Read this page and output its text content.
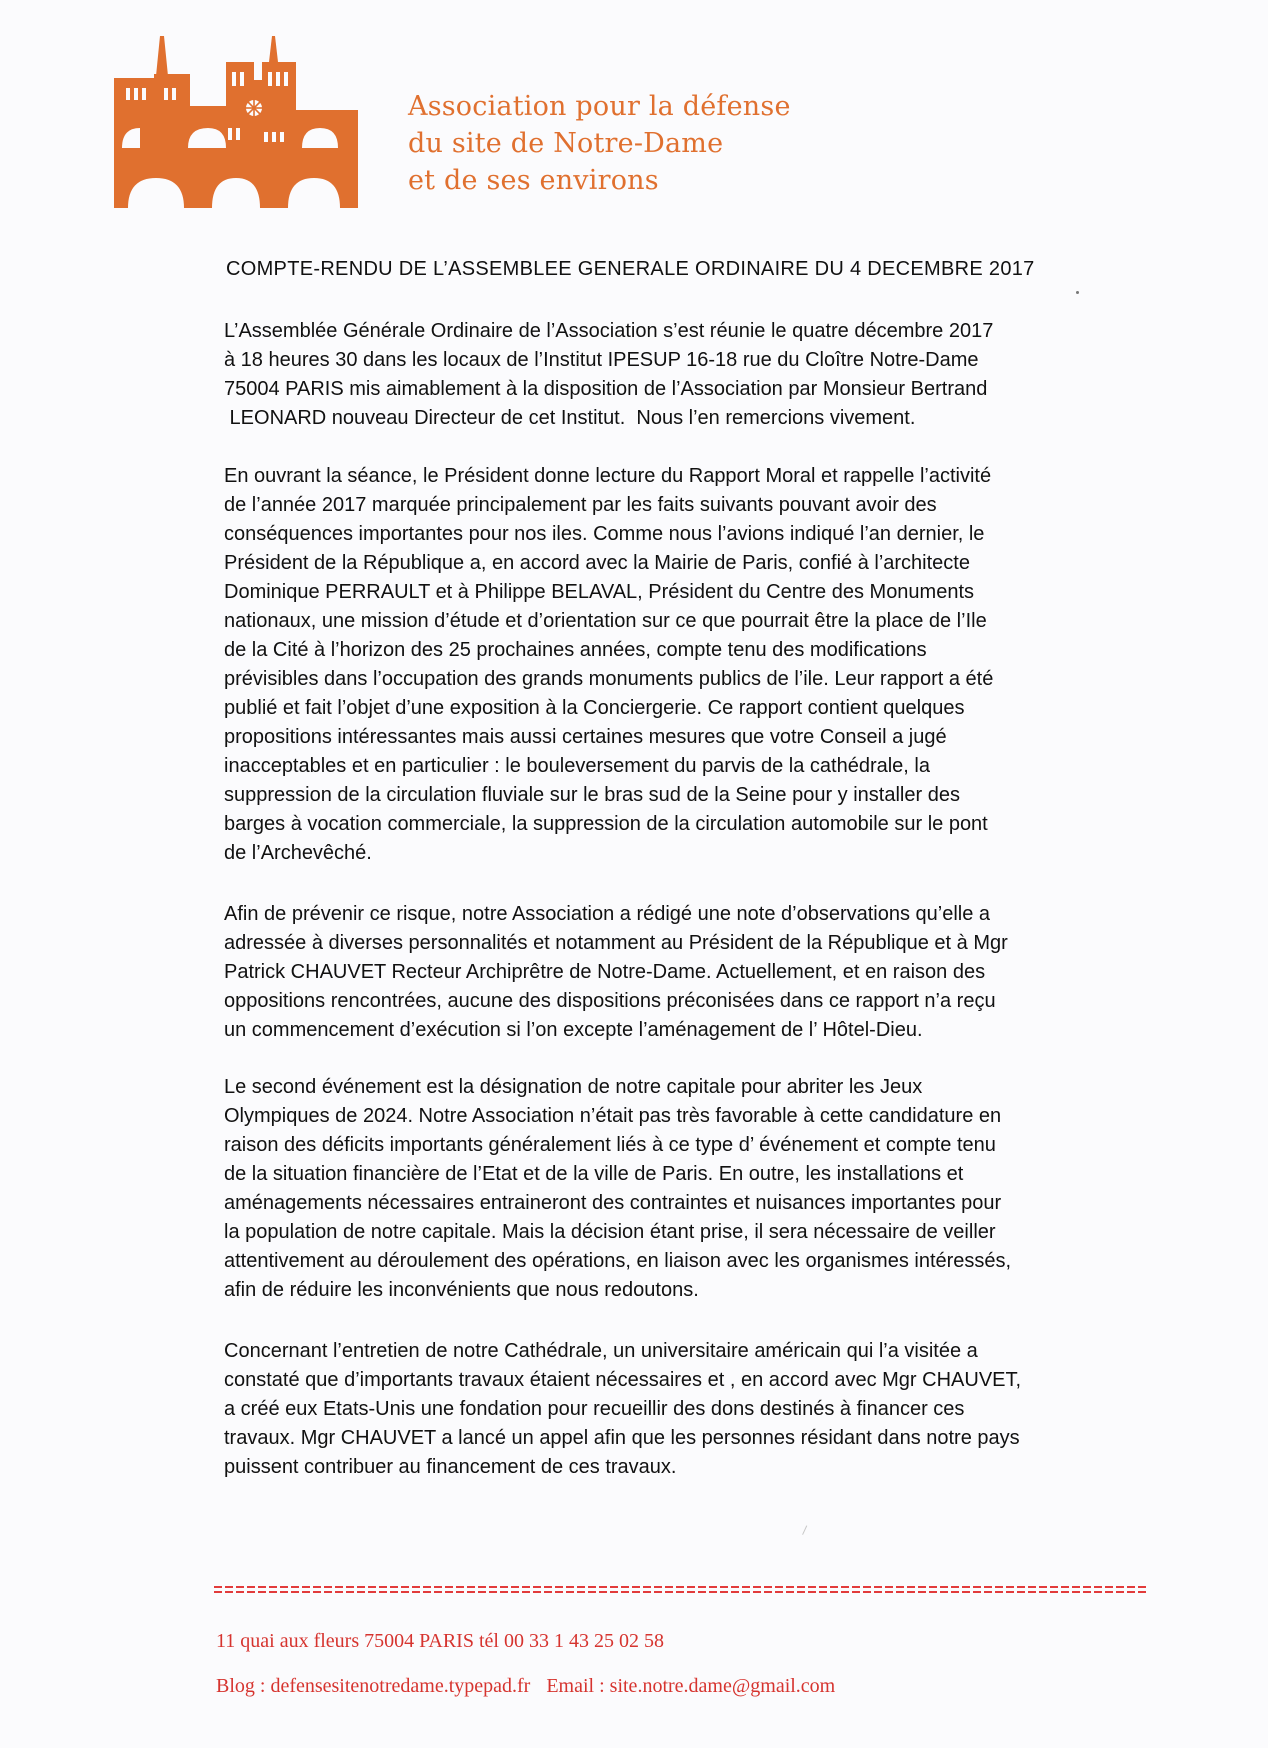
Association pour la défense
du site de Notre-Dame
et de ses environs
COMPTE-RENDU DE L’ASSEMBLEE GENERALE ORDINAIRE DU 4 DECEMBRE 2017

L’Assemblée Générale Ordinaire de l’Association s’est réunie le quatre décembre 2017
à 18 heures 30 dans les locaux de l’Institut IPESUP 16-18 rue du Cloître Notre-Dame
75004 PARIS mis aimablement à la disposition de l’Association par Monsieur Bertrand
LEONARD nouveau Directeur de cet Institut.  Nous l’en remercions vivement.

En ouvrant la séance, le Président donne lecture du Rapport Moral et rappelle l’activité
de l’année 2017 marquée principalement par les faits suivants pouvant avoir des
conséquences importantes pour nos iles. Comme nous l’avions indiqué l’an dernier, le
Président de la République a, en accord avec la Mairie de Paris, confié à l’architecte
Dominique PERRAULT et à Philippe BELAVAL, Président du Centre des Monuments
nationaux, une mission d’étude et d’orientation sur ce que pourrait être la place de l’Ile
de la Cité à l’horizon des 25 prochaines années, compte tenu des modifications
prévisibles dans l’occupation des grands monuments publics de l’ile. Leur rapport a été
publié et fait l’objet d’une exposition à la Conciergerie. Ce rapport contient quelques
propositions intéressantes mais aussi certaines mesures que votre Conseil a jugé
inacceptables et en particulier : le bouleversement du parvis de la cathédrale, la
suppression de la circulation fluviale sur le bras sud de la Seine pour y installer des
barges à vocation commerciale, la suppression de la circulation automobile sur le pont
de l’Archevêché.

Afin de prévenir ce risque, notre Association a rédigé une note d’observations qu’elle a
adressée à diverses personnalités et notamment au Président de la République et à Mgr
Patrick CHAUVET Recteur Archiprêtre de Notre-Dame. Actuellement, et en raison des
oppositions rencontrées, aucune des dispositions préconisées dans ce rapport n’a reçu
un commencement d’exécution si l’on excepte l’aménagement de l’ Hôtel-Dieu.

Le second événement est la désignation de notre capitale pour abriter les Jeux
Olympiques de 2024. Notre Association n’était pas très favorable à cette candidature en
raison des déficits importants généralement liés à ce type d’ événement et compte tenu
de la situation financière de l’Etat et de la ville de Paris. En outre, les installations et
aménagements nécessaires entraineront des contraintes et nuisances importantes pour
la population de notre capitale. Mais la décision étant prise, il sera nécessaire de veiller
attentivement au déroulement des opérations, en liaison avec les organismes intéressés,
afin de réduire les inconvénients que nous redoutons.

Concernant l’entretien de notre Cathédrale, un universitaire américain qui l’a visitée a
constaté que d’importants travaux étaient nécessaires et , en accord avec Mgr CHAUVET,
a créé eux Etats-Unis une fondation pour recueillir des dons destinés à financer ces
travaux. Mgr CHAUVET a lancé un appel afin que les personnes résidant dans notre pays
puissent contribuer au financement de ces travaux.

11 quai aux fleurs 75004 PARIS tél 00 33 1 43 25 02 58
Blog : defensesitenotredame.typepad.fr Email : site.notre.dame@gmail.com
